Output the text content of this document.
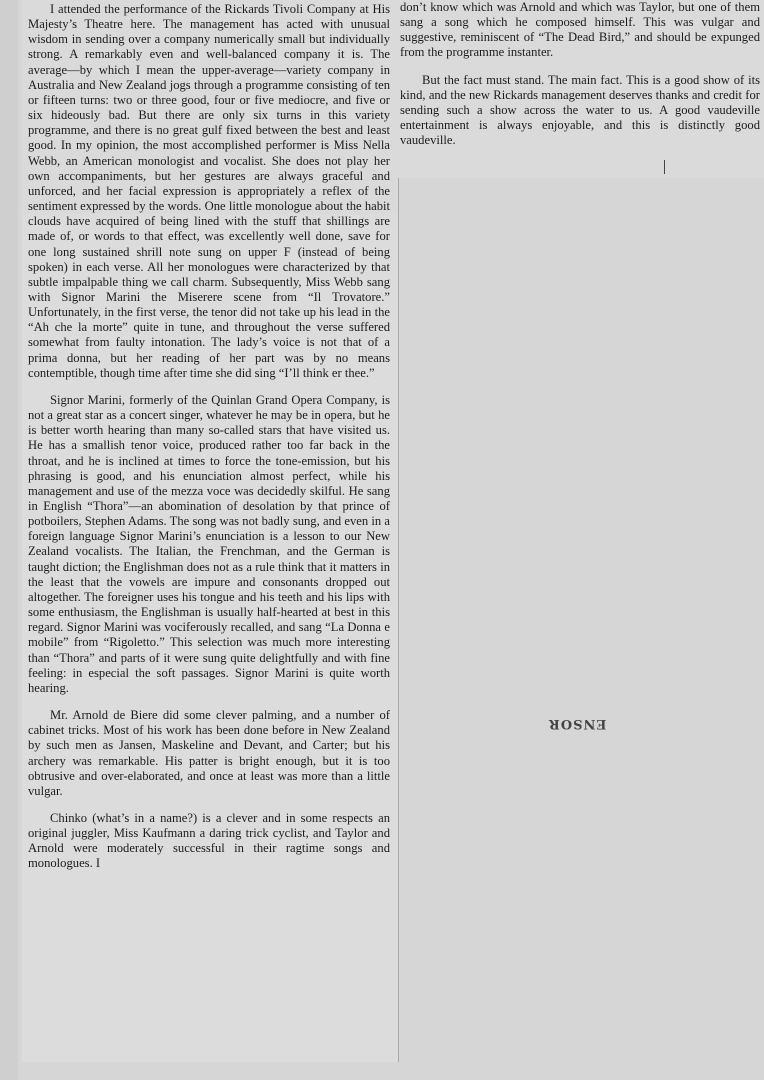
I attended the performance of the Rickards Tivoli Company at His Majesty’s Theatre here. The management has acted with unusual wisdom in sending over a company numerically small but individually strong. A remarkably even and well-balanced company it is. The average—by which I mean the upper-average—variety company in Australia and New Zealand jogs through a programme consisting of ten or fifteen turns: two or three good, four or five mediocre, and five or six hideously bad. But there are only six turns in this variety programme, and there is no great gulf fixed between the best and least good. In my opinion, the most accomplished performer is Miss Nella Webb, an American monologist and vocalist. She does not play her own accompaniments, but her gestures are always graceful and unforced, and her facial expression is appropriately a reflex of the sentiment expressed by the words. One little monologue about the habit clouds have acquired of being lined with the stuff that shillings are made of, or words to that effect, was excellently well done, save for one long sustained shrill note sung on upper F (instead of being spoken) in each verse. All her monologues were characterized by that subtle impalpable thing we call charm. Subsequently, Miss Webb sang with Signor Marini the Miserere scene from “Il Trovatore.” Unfortunately, in the first verse, the tenor did not take up his lead in the “Ah che la morte” quite in tune, and throughout the verse suffered somewhat from faulty intonation. The lady’s voice is not that of a prima donna, but her reading of her part was by no means contemptible, though time after time she did sing “I’ll think er thee.”

Signor Marini, formerly of the Quinlan Grand Opera Company, is not a great star as a concert singer, whatever he may be in opera, but he is better worth hearing than many so-called stars that have visited us. He has a smallish tenor voice, produced rather too far back in the throat, and he is inclined at times to force the tone-emission, but his phrasing is good, and his enunciation almost perfect, while his management and use of the mezza voce was decidedly skilful. He sang in English “Thora”—an abomination of desolation by that prince of potboilers, Stephen Adams. The song was not badly sung, and even in a foreign language Signor Marini’s enunciation is a lesson to our New Zealand vocalists. The Italian, the Frenchman, and the German is taught diction; the Englishman does not as a rule think that it matters in the least that the vowels are impure and consonants dropped out altogether. The foreigner uses his tongue and his teeth and his lips with some enthusiasm, the Englishman is usually half-hearted at best in this regard. Signor Marini was vociferously recalled, and sang “La Donna e mobile” from “Rigoletto.” This selection was much more interesting than “Thora” and parts of it were sung quite delightfully and with fine feeling: in especial the soft passages. Signor Marini is quite worth hearing.

Mr. Arnold de Biere did some clever palming, and a number of cabinet tricks. Most of his work has been done before in New Zealand by such men as Jansen, Maskeline and Devant, and Carter; but his archery was remarkable. His patter is bright enough, but it is too obtrusive and over-elaborated, and once at least was more than a little vulgar.

Chinko (what’s in a name?) is a clever and in some respects an original juggler, Miss Kaufmann a daring trick cyclist, and Taylor and Arnold were moderately successful in their ragtime songs and monologues. I

don’t know which was Arnold and which was Taylor, but one of them sang a song which he composed himself. This was vulgar and suggestive, reminiscent of “The Dead Bird,” and should be expunged from the programme instanter.

But the fact must stand. The main fact. This is a good show of its kind, and the new Rickards management deserves thanks and credit for sending such a show across the water to us. A good vaudeville entertainment is always enjoyable, and this is distinctly good vaudeville.

ENSOR
